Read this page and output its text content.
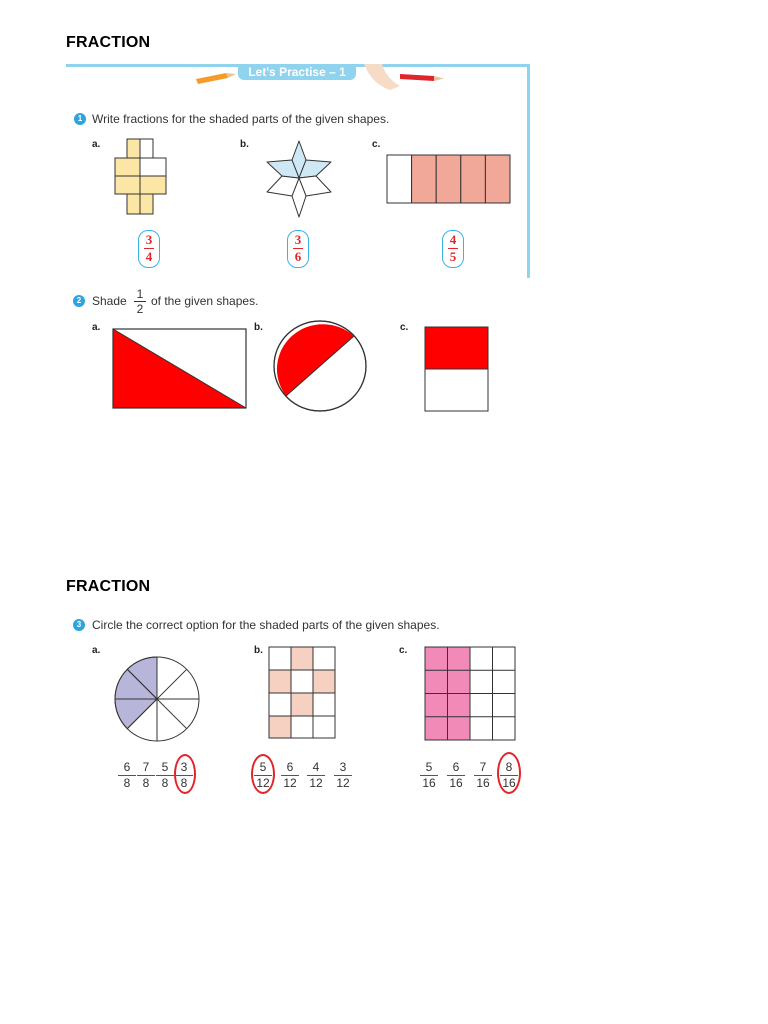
FRACTION
FRACTION
Let's Practise – 1
1 Write fractions for the shaded parts of the given shapes.
a.	b.	c.
3
4
3
6
4
5
2 Shade 1
2
of the given shapes.
a.	b.	c.
3 Circle the correct option for the shaded parts of the given shapes.
a.	b.	c.
6
8
7
8
5
8
3
8
5
12
6
12
4
12
3
12
5
16
6
16
7
16
8
16
